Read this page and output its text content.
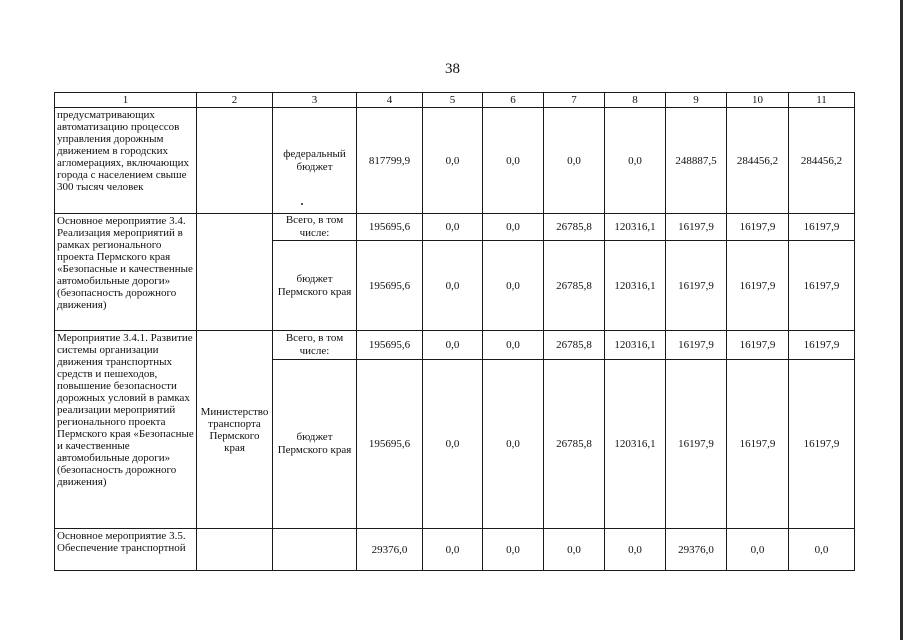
38
1	2	3	4	5	6	7	8	9	10	11
предусматривающих автоматизацию процессов управления дорожным движением в городских агломерациях, включающих города с населением свыше 300 тысяч человек		федеральный бюджет	817799,9	0,0	0,0	0,0	0,0	248887,5	284456,2	284456,2
Основное мероприятие 3.4. Реализация мероприятий в рамках регионального проекта Пермского края «Безопасные и качественные автомобильные дороги» (безопасность дорожного движения)		Всего, в том числе:	195695,6	0,0	0,0	26785,8	120316,1	16197,9	16197,9	16197,9
		бюджет Пермского края	195695,6	0,0	0,0	26785,8	120316,1	16197,9	16197,9	16197,9
Мероприятие 3.4.1. Развитие системы организации движения транспортных средств и пешеходов, повышение безопасности дорожных условий в рамках реализации мероприятий регионального проекта Пермского края «Безопасные и качественные автомобильные дороги» (безопасность дорожного движения)	Министерство транспорта Пермского края	Всего, в том числе:	195695,6	0,0	0,0	26785,8	120316,1	16197,9	16197,9	16197,9
		бюджет Пермского края	195695,6	0,0	0,0	26785,8	120316,1	16197,9	16197,9	16197,9
Основное мероприятие 3.5. Обеспечение транспортной			29376,0	0,0	0,0	0,0	0,0	29376,0	0,0	0,0
